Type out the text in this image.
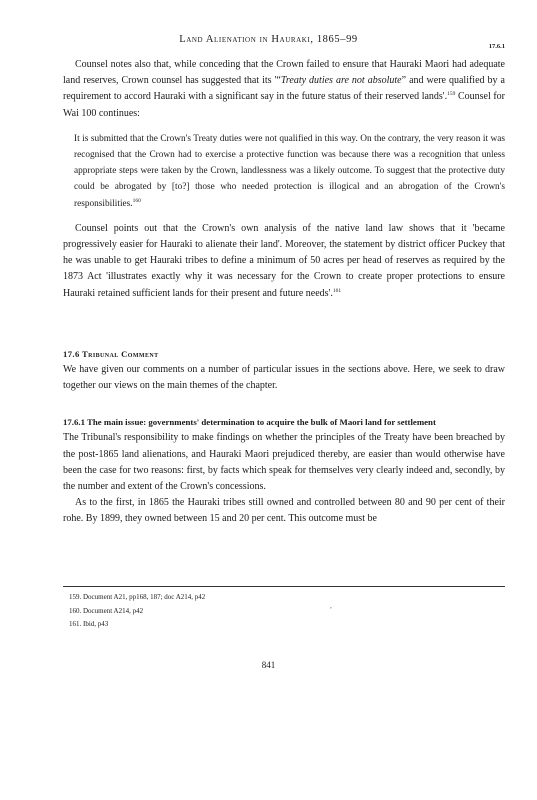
Land Alienation in Hauraki, 1865–99
17.6.1

Counsel notes also that, while conceding that the Crown failed to ensure that Hauraki Maori had adequate land reserves, Crown counsel has suggested that its '“Treaty duties are not absolute” and were qualified by a requirement to accord Hauraki with a significant say in the future status of their reserved lands'.$^{159}$ Counsel for Wai 100 continues:

It is submitted that the Crown's Treaty duties were not qualified in this way. On the contrary, the very reason it was recognised that the Crown had to exercise a protective function was because there was a recognition that unless appropriate steps were taken by the Crown, landlessness was a likely outcome. To suggest that the protective duty could be abrogated by [to?] those who needed protection is illogical and an abrogation of the Crown's responsibilities.$^{160}$

Counsel points out that the Crown's own analysis of the native land law shows that it 'became progressively easier for Hauraki to alienate their land'. Moreover, the statement by district officer Puckey that he was unable to get Hauraki tribes to define a minimum of 50 acres per head of reserves as required by the 1873 Act 'illustrates exactly why it was necessary for the Crown to create proper protections to ensure Hauraki retained sufficient lands for their present and future needs'.$^{161}$

17.6 Tribunal Comment

We have given our comments on a number of particular issues in the sections above. Here, we seek to draw together our views on the main themes of the chapter.

17.6.1 The main issue: governments' determination to acquire the bulk of Maori land for settlement

The Tribunal's responsibility to make findings on whether the principles of the Treaty have been breached by the post-1865 land alienations, and Hauraki Maori prejudiced thereby, are easier than would otherwise have been the case for two reasons: first, by facts which speak for themselves very clearly indeed and, secondly, by the number and extent of the Crown's concessions.

As to the first, in 1865 the Hauraki tribes still owned and controlled between 80 and 90 per cent of their rohe. By 1899, they owned between 15 and 20 per cent. This outcome must be

159. Document A21, pp168, 187; doc A214, p42
160. Document A214, p42
161. Ibid, p43
,
841
